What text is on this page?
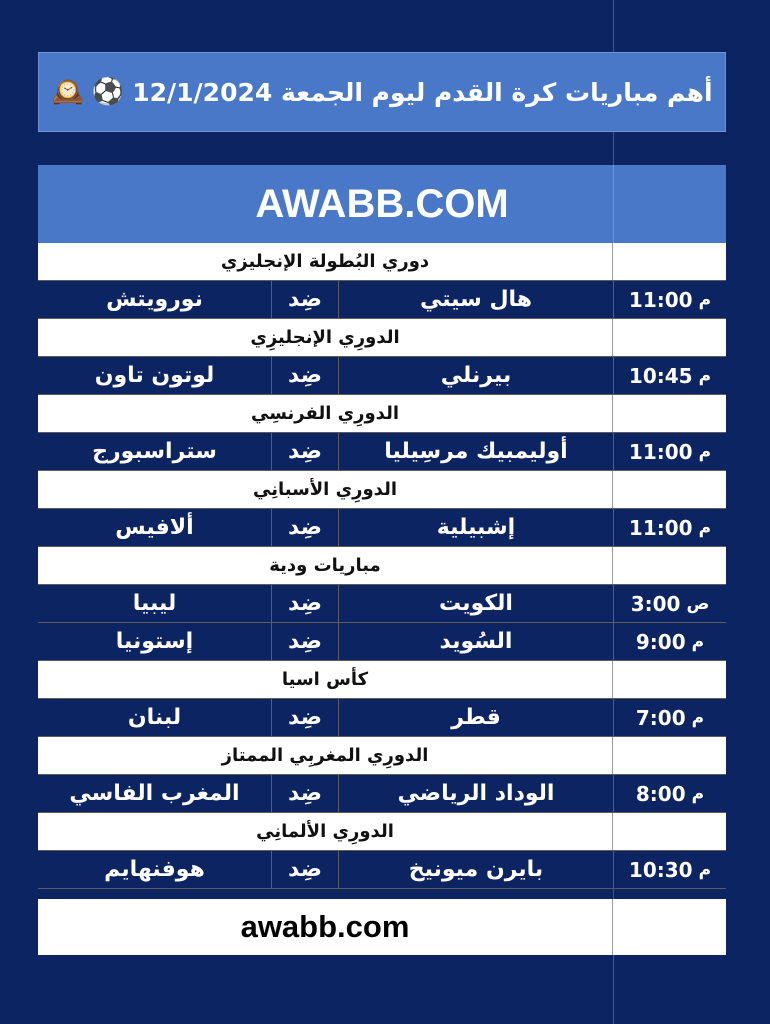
أهم مباريات كرة القدم ليوم الجمعة 12/1/2024
⚽
🕰️
AWABB.COM
دوري البُطولة الإنجليزي
نورويتش	ضِد	هال سيتي	11:00 م
الدورِي الإنجليزِي
لوتون تاون	ضِد	بيرنلي	10:45 م
الدورِي الفرنسِي
ستراسبورج	ضِد	أوليمبيك مرسِيليا	11:00 م
الدورِي الأسبانِي
ألافيس	ضِد	إشبيلية	11:00 م
مباريات ودية
ليبيا	ضِد	الكويت	3:00 ص
إستونيا	ضِد	السُويد	9:00 م
كأس اسيا
لبنان	ضِد	قطر	7:00 م
الدورِي المغربِي الممتاز
المغرب الفاسي	ضِد	الوداد الرياضي	8:00 م
الدورِي الألمانِي
هوفنهايم	ضِد	بايرن ميونيخ	10:30 م
awabb.com
